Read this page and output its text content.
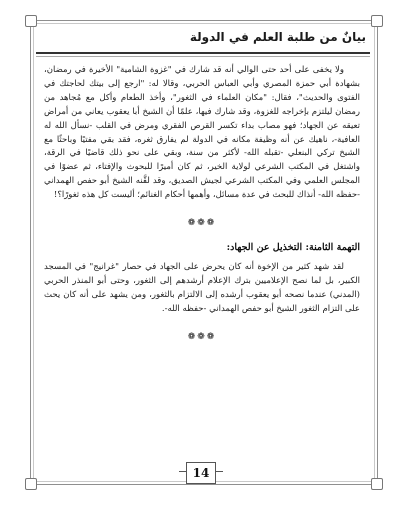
بيانٌ من طلبة العلم في الدولة

ولا يخفى على أحد حتى الوالي أنه قد شارك في "غزوة الشامية" الأخيرة في رمضان، بشهادة أبي حمزة المصري وأبي العباس الحربي، وقالا له: "ارجع إلى بيتك لحاجتك في الفتوى والحديث"، فقال: "مكان العلماء في الثغور"، وأخذ الطعام وأكل مع مُجاهد من رمضان ليلتزم بإخراجه للغزوة، وقد شارك فيها، علمًا أن الشيخ أبا يعقوب يعاني من أمراض تعيقه عن الجهاد؛ فهو مصاب بداء تكسر القرص الفقري ومرض في القلب -نسأل الله له العافية-، ناهيك عن أنه وظيفة مكانه في الدولة لم يفارق ثغره، فقد بقي مفتيًا وباحثًا مع الشيخ تركي البنعلي -تقبله الله- لأكثر من سنة، وبقي على نحو ذلك قاضيًا في الرقة، واشتغل في المكتب الشرعي لولاية الخير، ثم كان أميرًا للبحوث والإفتاء، ثم عضوًا في المجلس العلمي وفي المكتب الشرعي لجيش الصديق، وقد لقَّنه الشيخ أبو حفص الهمداني -حفظه الله- أنذاك للبحث في عدة مسائل، وأهمها أحكام الغنائم؛ أليست كل هذه ثغورًا؟!

❁❁❁

التهمة الثامنة: التخذيل عن الجهاد:

لقد شهد كثير من الإخوة أنه كان يحرض على الجهاد في حصار "غرانيج" في المسجد الكبير، بل لما نصح الإعلاميين بترك الإعلام أرشدهم إلى الثغور، وحتى أبو المنذر الحربي (المدني) عندما نصحه أبو يعقوب أرشده إلى الالتزام بالثغور، ومن يشهد على أنه كان يحث على التزام الثغور الشيخ أبو حفص الهمداني -حفظه الله-.

❁❁❁
14
